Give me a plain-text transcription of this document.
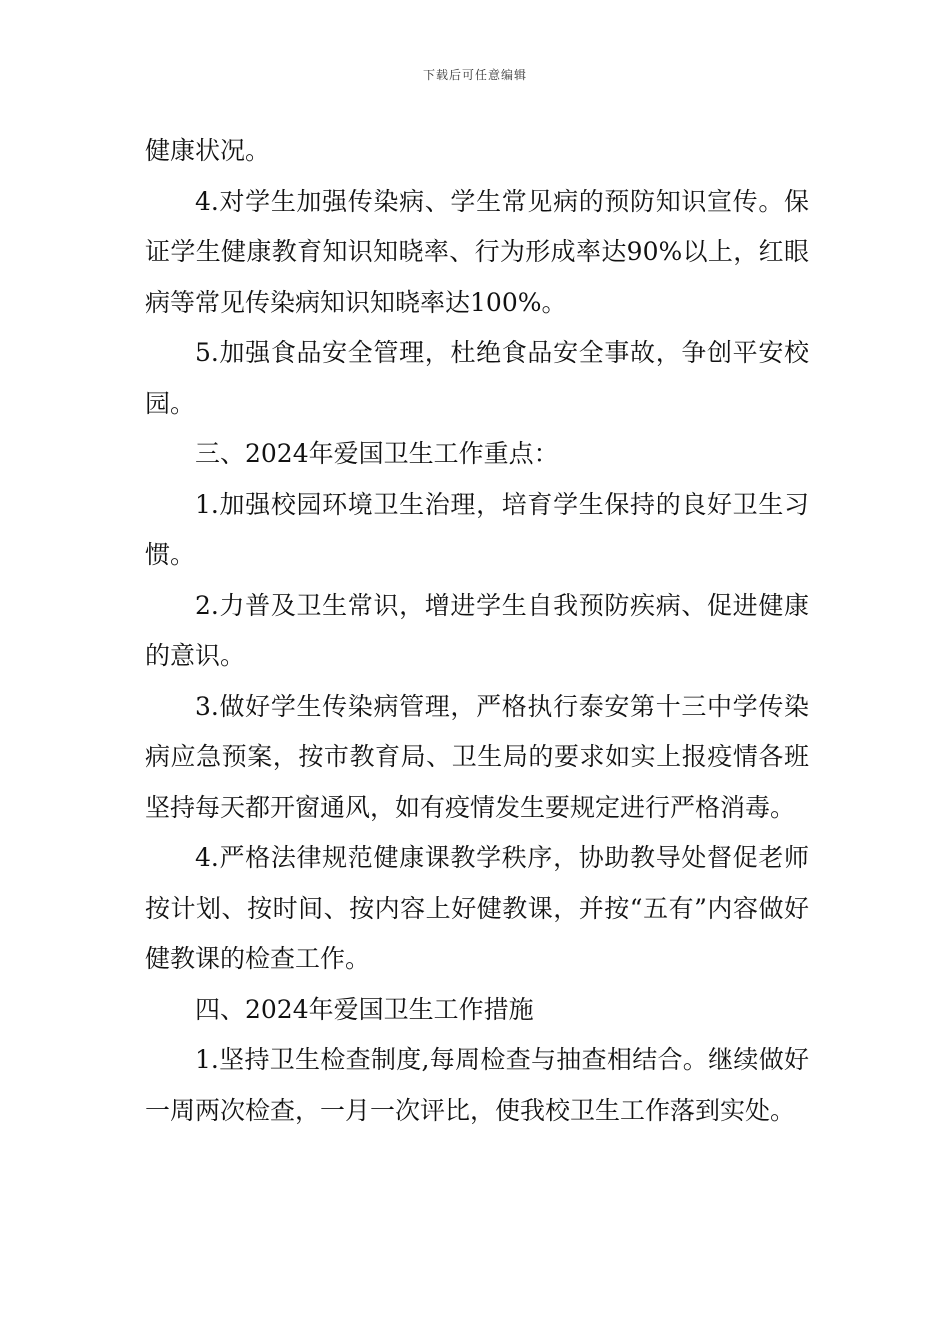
下载后可任意编辑

健康状况。

4.对学生加强传染病、学生常见病的预防知识宣传。保证学生健康教育知识知晓率、行为形成率达90%以上，红眼病等常见传染病知识知晓率达100%。

5.加强食品安全管理，杜绝食品安全事故，争创平安校园。

三、2024年爱国卫生工作重点：

1.加强校园环境卫生治理，培育学生保持的良好卫生习惯。

2.力普及卫生常识，增进学生自我预防疾病、促进健康的意识。

3.做好学生传染病管理，严格执行泰安第十三中学传染病应急预案，按市教育局、卫生局的要求如实上报疫情各班坚持每天都开窗通风，如有疫情发生要规定进行严格消毒。

4.严格法律规范健康课教学秩序，协助教导处督促老师按计划、按时间、按内容上好健教课，并按“五有”内容做好健教课的检查工作。

四、2024年爱国卫生工作措施

1.坚持卫生检查制度,每周检查与抽查相结合。继续做好一周两次检查，一月一次评比，使我校卫生工作落到实处。
